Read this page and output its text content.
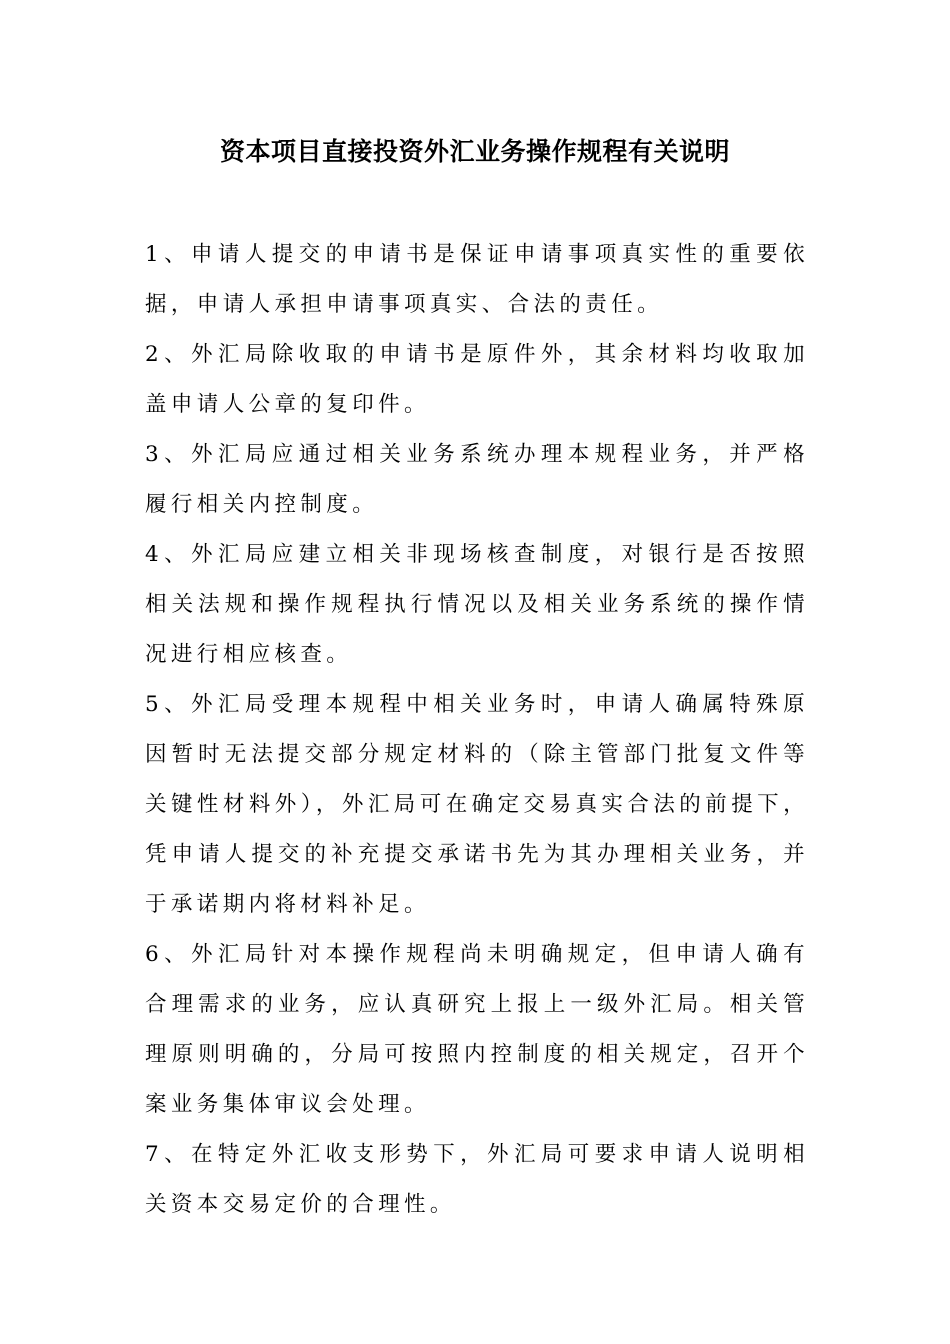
资本项目直接投资外汇业务操作规程有关说明

1、申请人提交的申请书是保证申请事项真实性的重要依据，申请人承担申请事项真实、合法的责任。

2、外汇局除收取的申请书是原件外，其余材料均收取加盖申请人公章的复印件。

3、外汇局应通过相关业务系统办理本规程业务，并严格履行相关内控制度。

4、外汇局应建立相关非现场核查制度，对银行是否按照相关法规和操作规程执行情况以及相关业务系统的操作情况进行相应核查。

5、外汇局受理本规程中相关业务时，申请人确属特殊原因暂时无法提交部分规定材料的（除主管部门批复文件等关键性材料外），外汇局可在确定交易真实合法的前提下，凭申请人提交的补充提交承诺书先为其办理相关业务，并于承诺期内将材料补足。

6、外汇局针对本操作规程尚未明确规定，但申请人确有合理需求的业务，应认真研究上报上一级外汇局。相关管理原则明确的，分局可按照内控制度的相关规定，召开个案业务集体审议会处理。

7、在特定外汇收支形势下，外汇局可要求申请人说明相关资本交易定价的合理性。
